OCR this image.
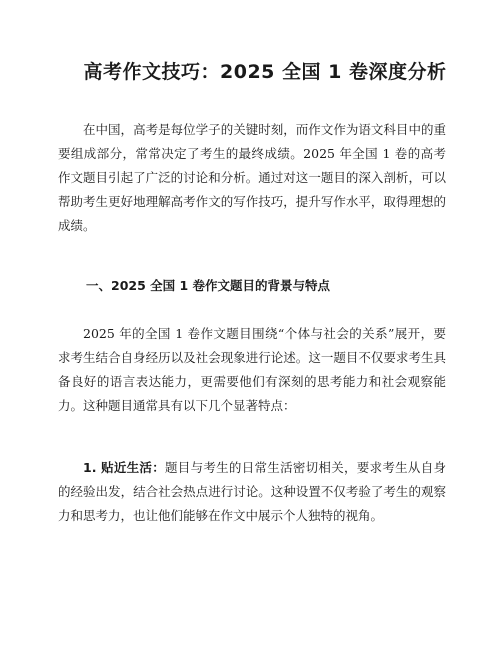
高考作文技巧：2025 全国 1 卷深度分析

在中国，高考是每位学子的关键时刻，而作文作为语文科目中的重要组成部分，常常决定了考生的最终成绩。2025 年全国 1 卷的高考作文题目引起了广泛的讨论和分析。通过对这一题目的深入剖析，可以帮助考生更好地理解高考作文的写作技巧，提升写作水平，取得理想的成绩。

一、2025 全国 1 卷作文题目的背景与特点

2025 年的全国 1 卷作文题目围绕“个体与社会的关系”展开，要求考生结合自身经历以及社会现象进行论述。这一题目不仅要求考生具备良好的语言表达能力，更需要他们有深刻的思考能力和社会观察能力。这种题目通常具有以下几个显著特点：

1. 贴近生活：题目与考生的日常生活密切相关，要求考生从自身的经验出发，结合社会热点进行讨论。这种设置不仅考验了考生的观察力和思考力，也让他们能够在作文中展示个人独特的视角。
